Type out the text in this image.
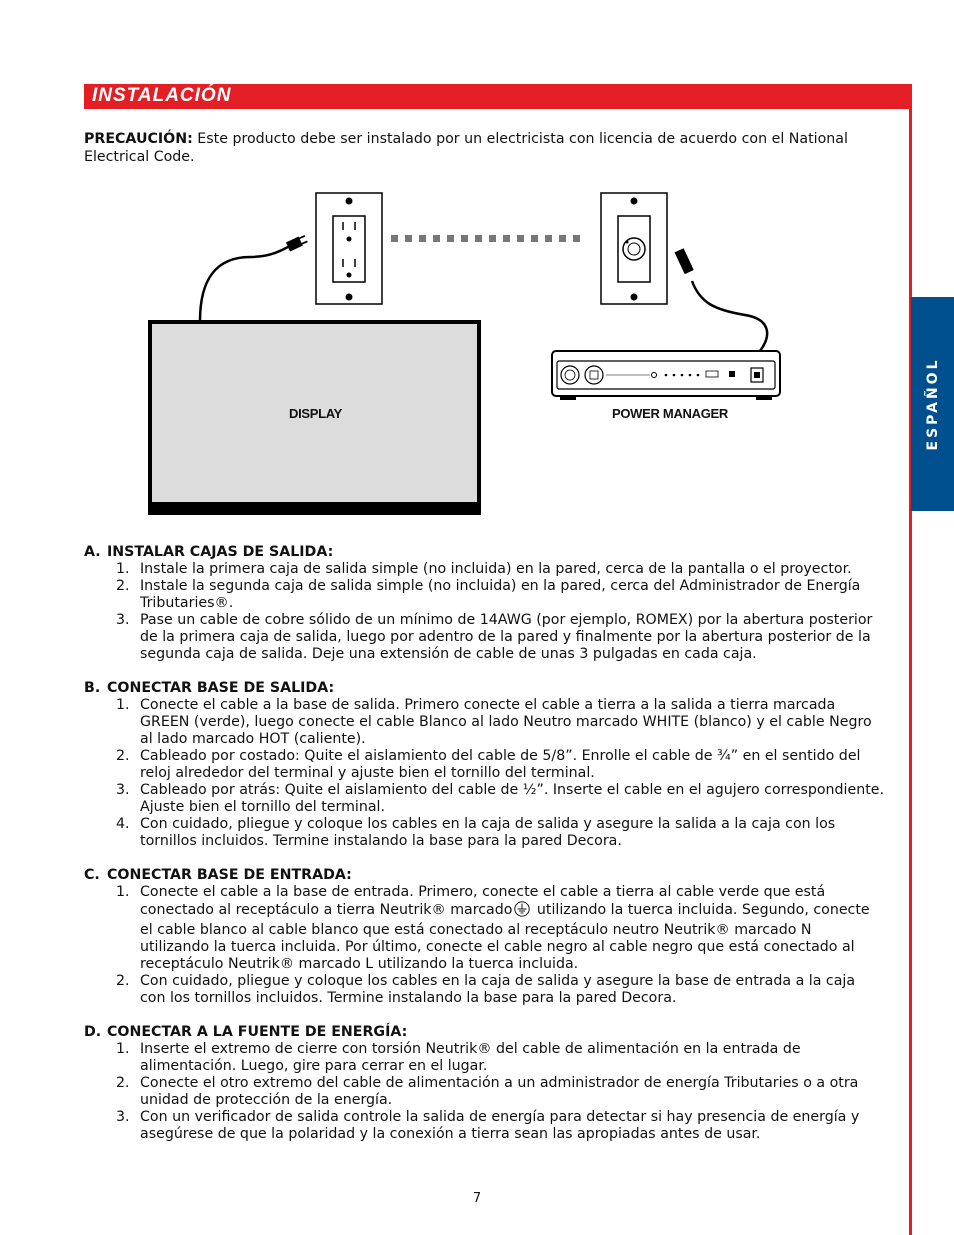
INSTALACIÓN
ESPAÑOL
PRECAUCIÓN: Este producto debe ser instalado por un electricista con licencia de acuerdo con el National Electrical Code.
DISPLAY	POWER MANAGER
A. INSTALAR CAJAS DE SALIDA:
1. Instale la primera caja de salida simple (no incluida) en la pared, cerca de la pantalla o el proyector.
2. Instale la segunda caja de salida simple (no incluida) en la pared, cerca del Administrador de Energía Tributaries®.
3. Pase un cable de cobre sólido de un mínimo de 14AWG (por ejemplo, ROMEX) por la abertura posterior de la primera caja de salida, luego por adentro de la pared y finalmente por la abertura posterior de la segunda caja de salida. Deje una extensión de cable de unas 3 pulgadas en cada caja.
B. CONECTAR BASE DE SALIDA:
1. Conecte el cable a la base de salida. Primero conecte el cable a tierra a la salida a tierra marcada GREEN (verde), luego conecte el cable Blanco al lado Neutro marcado WHITE (blanco) y el cable Negro al lado marcado HOT (caliente).
2. Cableado por costado: Quite el aislamiento del cable de 5/8”. Enrolle el cable de ¾” en el sentido del reloj alrededor del terminal y ajuste bien el tornillo del terminal.
3. Cableado por atrás: Quite el aislamiento del cable de ½”. Inserte el cable en el agujero correspondiente. Ajuste bien el tornillo del terminal.
4. Con cuidado, pliegue y coloque los cables en la caja de salida y asegure la salida a la caja con los tornillos incluidos. Termine instalando la base para la pared Decora.
C. CONECTAR BASE DE ENTRADA:
1. Conecte el cable a la base de entrada. Primero, conecte el cable a tierra al cable verde que está conectado al receptáculo a tierra Neutrik® marcado utilizando la tuerca incluida. Segundo, conecte el cable blanco al cable blanco que está conectado al receptáculo neutro Neutrik® marcado N utilizando la tuerca incluida. Por último, conecte el cable negro al cable negro que está conectado al receptáculo Neutrik® marcado L utilizando la tuerca incluida.
2. Con cuidado, pliegue y coloque los cables en la caja de salida y asegure la base de entrada a la caja con los tornillos incluidos. Termine instalando la base para la pared Decora.
D. CONECTAR A LA FUENTE DE ENERGÍA:
1. Inserte el extremo de cierre con torsión Neutrik® del cable de alimentación en la entrada de alimentación. Luego, gire para cerrar en el lugar.
2. Conecte el otro extremo del cable de alimentación a un administrador de energía Tributaries o a otra unidad de protección de la energía.
3. Con un verificador de salida controle la salida de energía para detectar si hay presencia de energía y asegúrese de que la polaridad y la conexión a tierra sean las apropiadas antes de usar.
7
